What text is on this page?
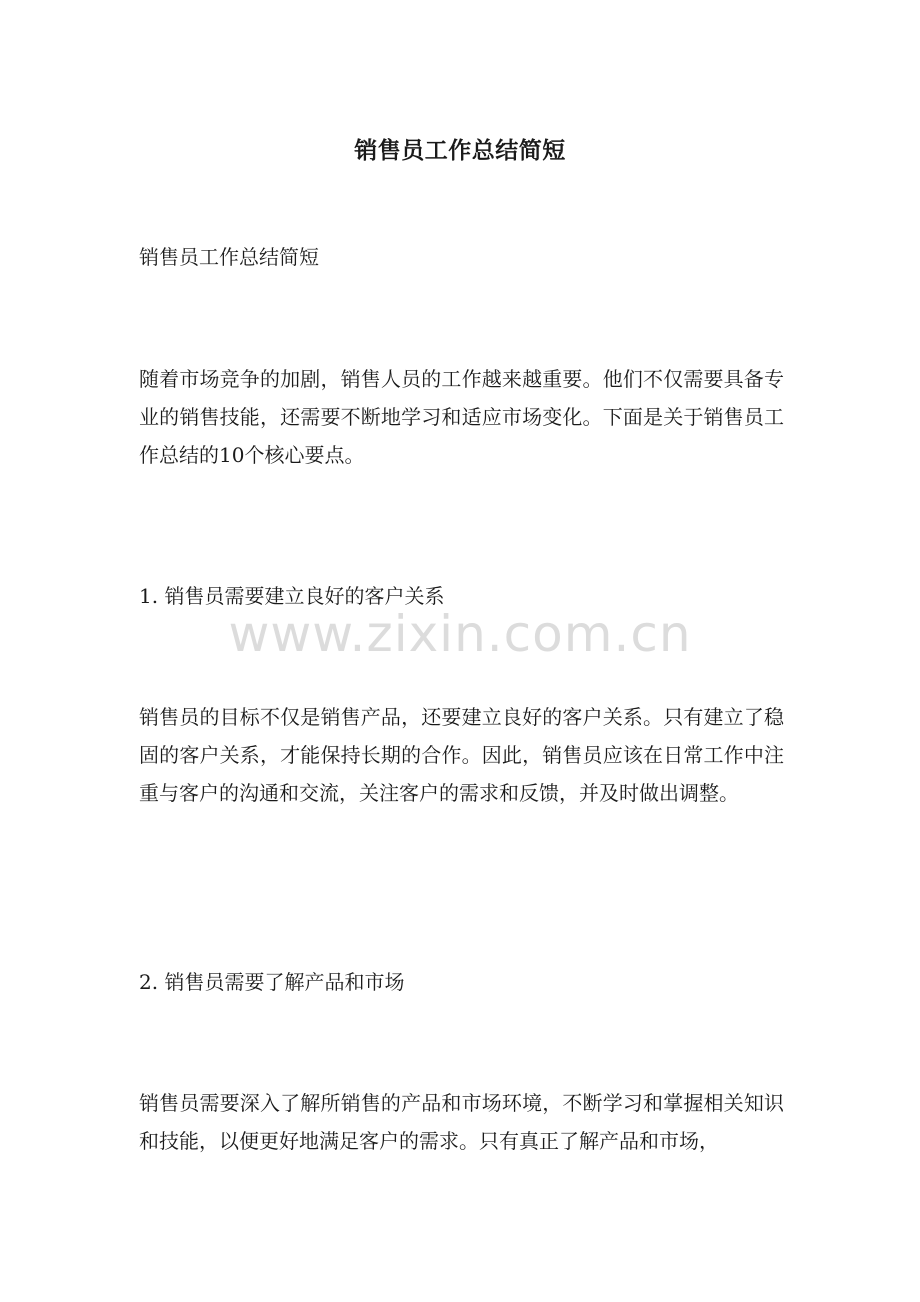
销售员工作总结简短

销售员工作总结简短

随着市场竞争的加剧，销售人员的工作越来越重要。他们不仅需要具备专业的销售技能，还需要不断地学习和适应市场变化。下面是关于销售员工作总结的10个核心要点。

1. 销售员需要建立良好的客户关系

销售员的目标不仅是销售产品，还要建立良好的客户关系。只有建立了稳固的客户关系，才能保持长期的合作。因此，销售员应该在日常工作中注重与客户的沟通和交流，关注客户的需求和反馈，并及时做出调整。

2. 销售员需要了解产品和市场

销售员需要深入了解所销售的产品和市场环境，不断学习和掌握相关知识和技能，以便更好地满足客户的需求。只有真正了解产品和市场，

www.zixin.com.cn
